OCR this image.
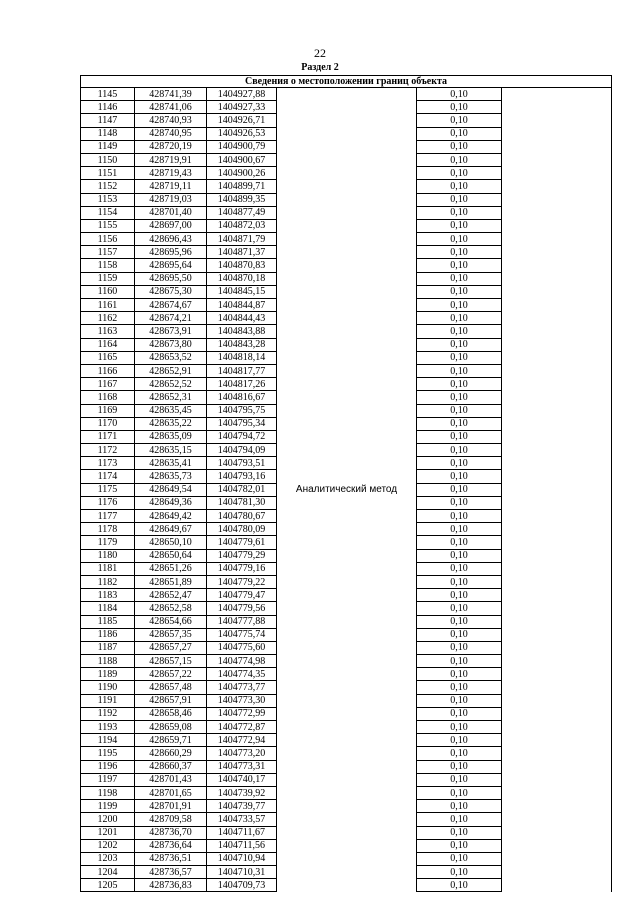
22
Раздел 2
Сведения о местоположении границ объекта					
1145	428741,39	1404927,88	Аналитический метод	0,10	
1146	428741,06	1404927,33		0,10	
1147	428740,93	1404926,71		0,10	
1148	428740,95	1404926,53		0,10	
1149	428720,19	1404900,79		0,10	
1150	428719,91	1404900,67		0,10	
1151	428719,43	1404900,26		0,10	
1152	428719,11	1404899,71		0,10	
1153	428719,03	1404899,35		0,10	
1154	428701,40	1404877,49		0,10	
1155	428697,00	1404872,03		0,10	
1156	428696,43	1404871,79		0,10	
1157	428695,96	1404871,37		0,10	
1158	428695,64	1404870,83		0,10	
1159	428695,50	1404870,18		0,10	
1160	428675,30	1404845,15		0,10	
1161	428674,67	1404844,87		0,10	
1162	428674,21	1404844,43		0,10	
1163	428673,91	1404843,88		0,10	
1164	428673,80	1404843,28		0,10	
1165	428653,52	1404818,14		0,10	
1166	428652,91	1404817,77		0,10	
1167	428652,52	1404817,26		0,10	
1168	428652,31	1404816,67		0,10	
1169	428635,45	1404795,75		0,10	
1170	428635,22	1404795,34		0,10	
1171	428635,09	1404794,72		0,10	
1172	428635,15	1404794,09		0,10	
1173	428635,41	1404793,51		0,10	
1174	428635,73	1404793,16		0,10	
1175	428649,54	1404782,01		0,10	
1176	428649,36	1404781,30		0,10	
1177	428649,42	1404780,67		0,10	
1178	428649,67	1404780,09		0,10	
1179	428650,10	1404779,61		0,10	
1180	428650,64	1404779,29		0,10	
1181	428651,26	1404779,16		0,10	
1182	428651,89	1404779,22		0,10	
1183	428652,47	1404779,47		0,10	
1184	428652,58	1404779,56		0,10	
1185	428654,66	1404777,88		0,10	
1186	428657,35	1404775,74		0,10	
1187	428657,27	1404775,60		0,10	
1188	428657,15	1404774,98		0,10	
1189	428657,22	1404774,35		0,10	
1190	428657,48	1404773,77		0,10	
1191	428657,91	1404773,30		0,10	
1192	428658,46	1404772,99		0,10	
1193	428659,08	1404772,87		0,10	
1194	428659,71	1404772,94		0,10	
1195	428660,29	1404773,20		0,10	
1196	428660,37	1404773,31		0,10	
1197	428701,43	1404740,17		0,10	
1198	428701,65	1404739,92		0,10	
1199	428701,91	1404739,77		0,10	
1200	428709,58	1404733,57		0,10	
1201	428736,70	1404711,67		0,10	
1202	428736,64	1404711,56		0,10	
1203	428736,51	1404710,94		0,10	
1204	428736,57	1404710,31		0,10	
1205	428736,83	1404709,73		0,10	
